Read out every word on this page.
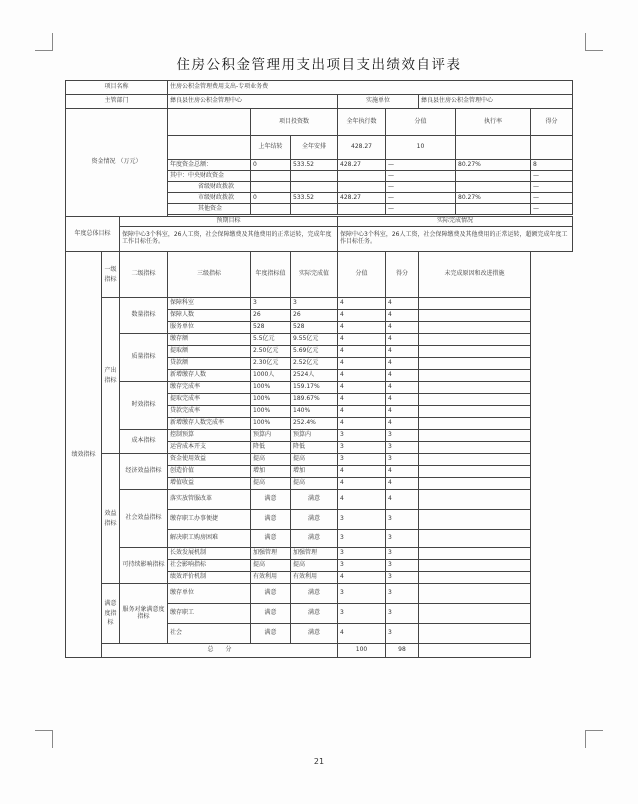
住房公积金管理用支出项目支出绩效自评表
项目名称			住房公积金管理费用支出-专项业务费							
主管部门			彝良县住房公积金管理中心			实施单位		彝良县住房公积金管理中心		
资金情况 （万元）				项目投资数		全年执行数	分值		执行率	得分
				上年结转	全年安排	428.27	10			
			年度资金总额：	0	533.52	428.27	—		80.27%	8
			其中：中央财政资金				—			—
			省级财政拨款				—			—
			市级财政拨款	0	533.52	428.27	—		80.27%	—
			其他资金				—			—

年度总体目标		预期目标				实际完成情况				
		保障中心3个科室，26人工资，社会保障缴费及其他费用的正常运转，完成年度工作目标任务。				保障中心3个科室，26人工资，社会保障缴费及其他费用的正常运转，超额完成年度工作目标任务。				
绩效指标	一级指标	二级指标	三级指标	年度指标值	实际完成值	分值	得分	未完成原因和改进措施		
	产出指标	数量指标	保障科室	3	3	4	4			
			保障人数	26	26	4	4			
			服务单位	528	528	4	4			
		质量指标	缴存额	5.5亿元	9.55亿元	4	4			
			提取额	2.50亿元	5.69亿元	4	4			
			贷款额	2.30亿元	2.52亿元	4	4			
			新增缴存人数	1000人	2524人	4	4			
		时效指标	缴存完成率	100%	159.17%	4	4			
			提取完成率	100%	189.67%	4	4			
			贷款完成率	100%	140%	4	4			
			新增缴存人数完成率	100%	252.4%	4	4			
		成本指标	控制预算	预算内	预算内	3	3			
			运营成本开支	降低	降低	3	3			
	效益指标	经济效益指标	资金使用效益	提高	提高	3	3			
			创造价值	增加	增加	4	4			
			增值收益	提高	提高	4	4			
		社会效益指标	落实放管服改革	满意	满意	4	4			
			缴存职工办事便捷	满意	满意	3	3			
			解决职工购房困难	满意	满意	3	3			
		可持续影响指标	长效发展机制	加强管理	加强管理	3	3			
			社会影响指标	提高	提高	3	3			
			绩效评价机制	有效利用	有效利用	4	3			
	满意度指标	服务对象满意度指标	缴存单位	满意	满意	3	3			
			缴存职工	满意	满意	3	3			
			社会	满意	满意	4	3			
	总　　分					100	98			
21
